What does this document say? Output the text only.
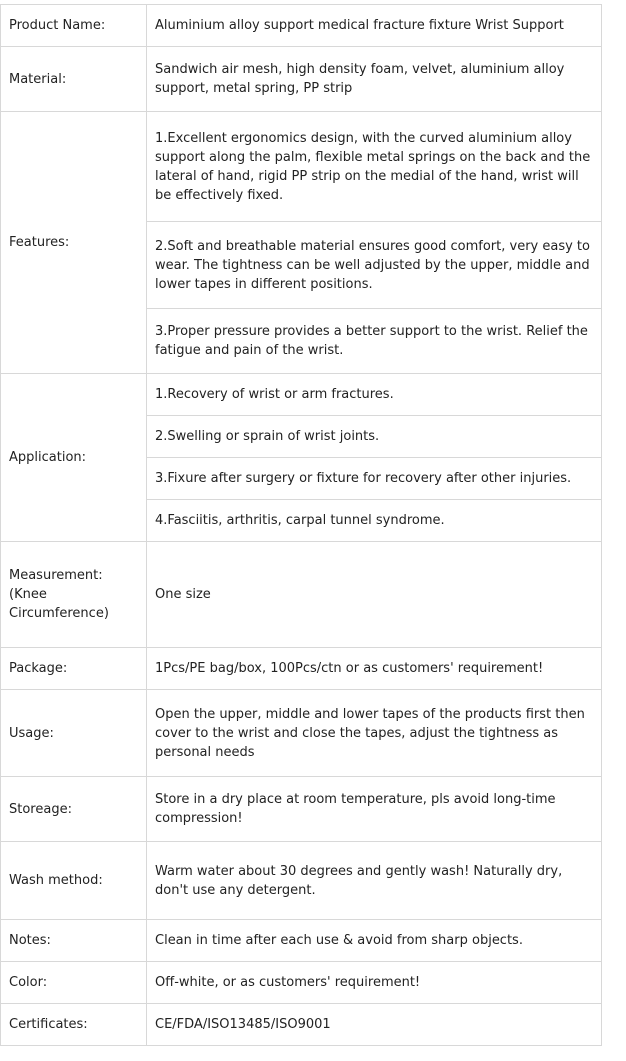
Product Name:	Aluminium alloy support medical fracture fixture Wrist Support
Material:	Sandwich air mesh, high density foam, velvet, aluminium alloy support, metal spring, PP strip
Features:	1.Excellent ergonomics design, with the curved aluminium alloy support along the palm, flexible metal springs on the back and the lateral of hand, rigid PP strip on the medial of the hand, wrist will be effectively fixed.
	2.Soft and breathable material ensures good comfort, very easy to wear. The tightness can be well adjusted by the upper, middle and lower tapes in different positions.
	3.Proper pressure provides a better support to the wrist. Relief the fatigue and pain of the wrist.
Application:	1.Recovery of wrist or arm fractures.
	2.Swelling or sprain of wrist joints.
	3.Fixure after surgery or fixture for recovery after other injuries.
	4.Fasciitis, arthritis, carpal tunnel syndrome.
Measurement:
(Knee
Circumference)	One size
Package:	1Pcs/PE bag/box, 100Pcs/ctn or as customers' requirement!
Usage:	Open the upper, middle and lower tapes of the products first then cover to the wrist and close the tapes, adjust the tightness as personal needs
Storeage:	Store in a dry place at room temperature, pls avoid long-time compression!
Wash method:	Warm water about 30 degrees and gently wash! Naturally dry, don't use any detergent.
Notes:	Clean in time after each use & avoid from sharp objects.
Color:	Off-white, or as customers' requirement!
Certificates:	CE/FDA/ISO13485/ISO9001
